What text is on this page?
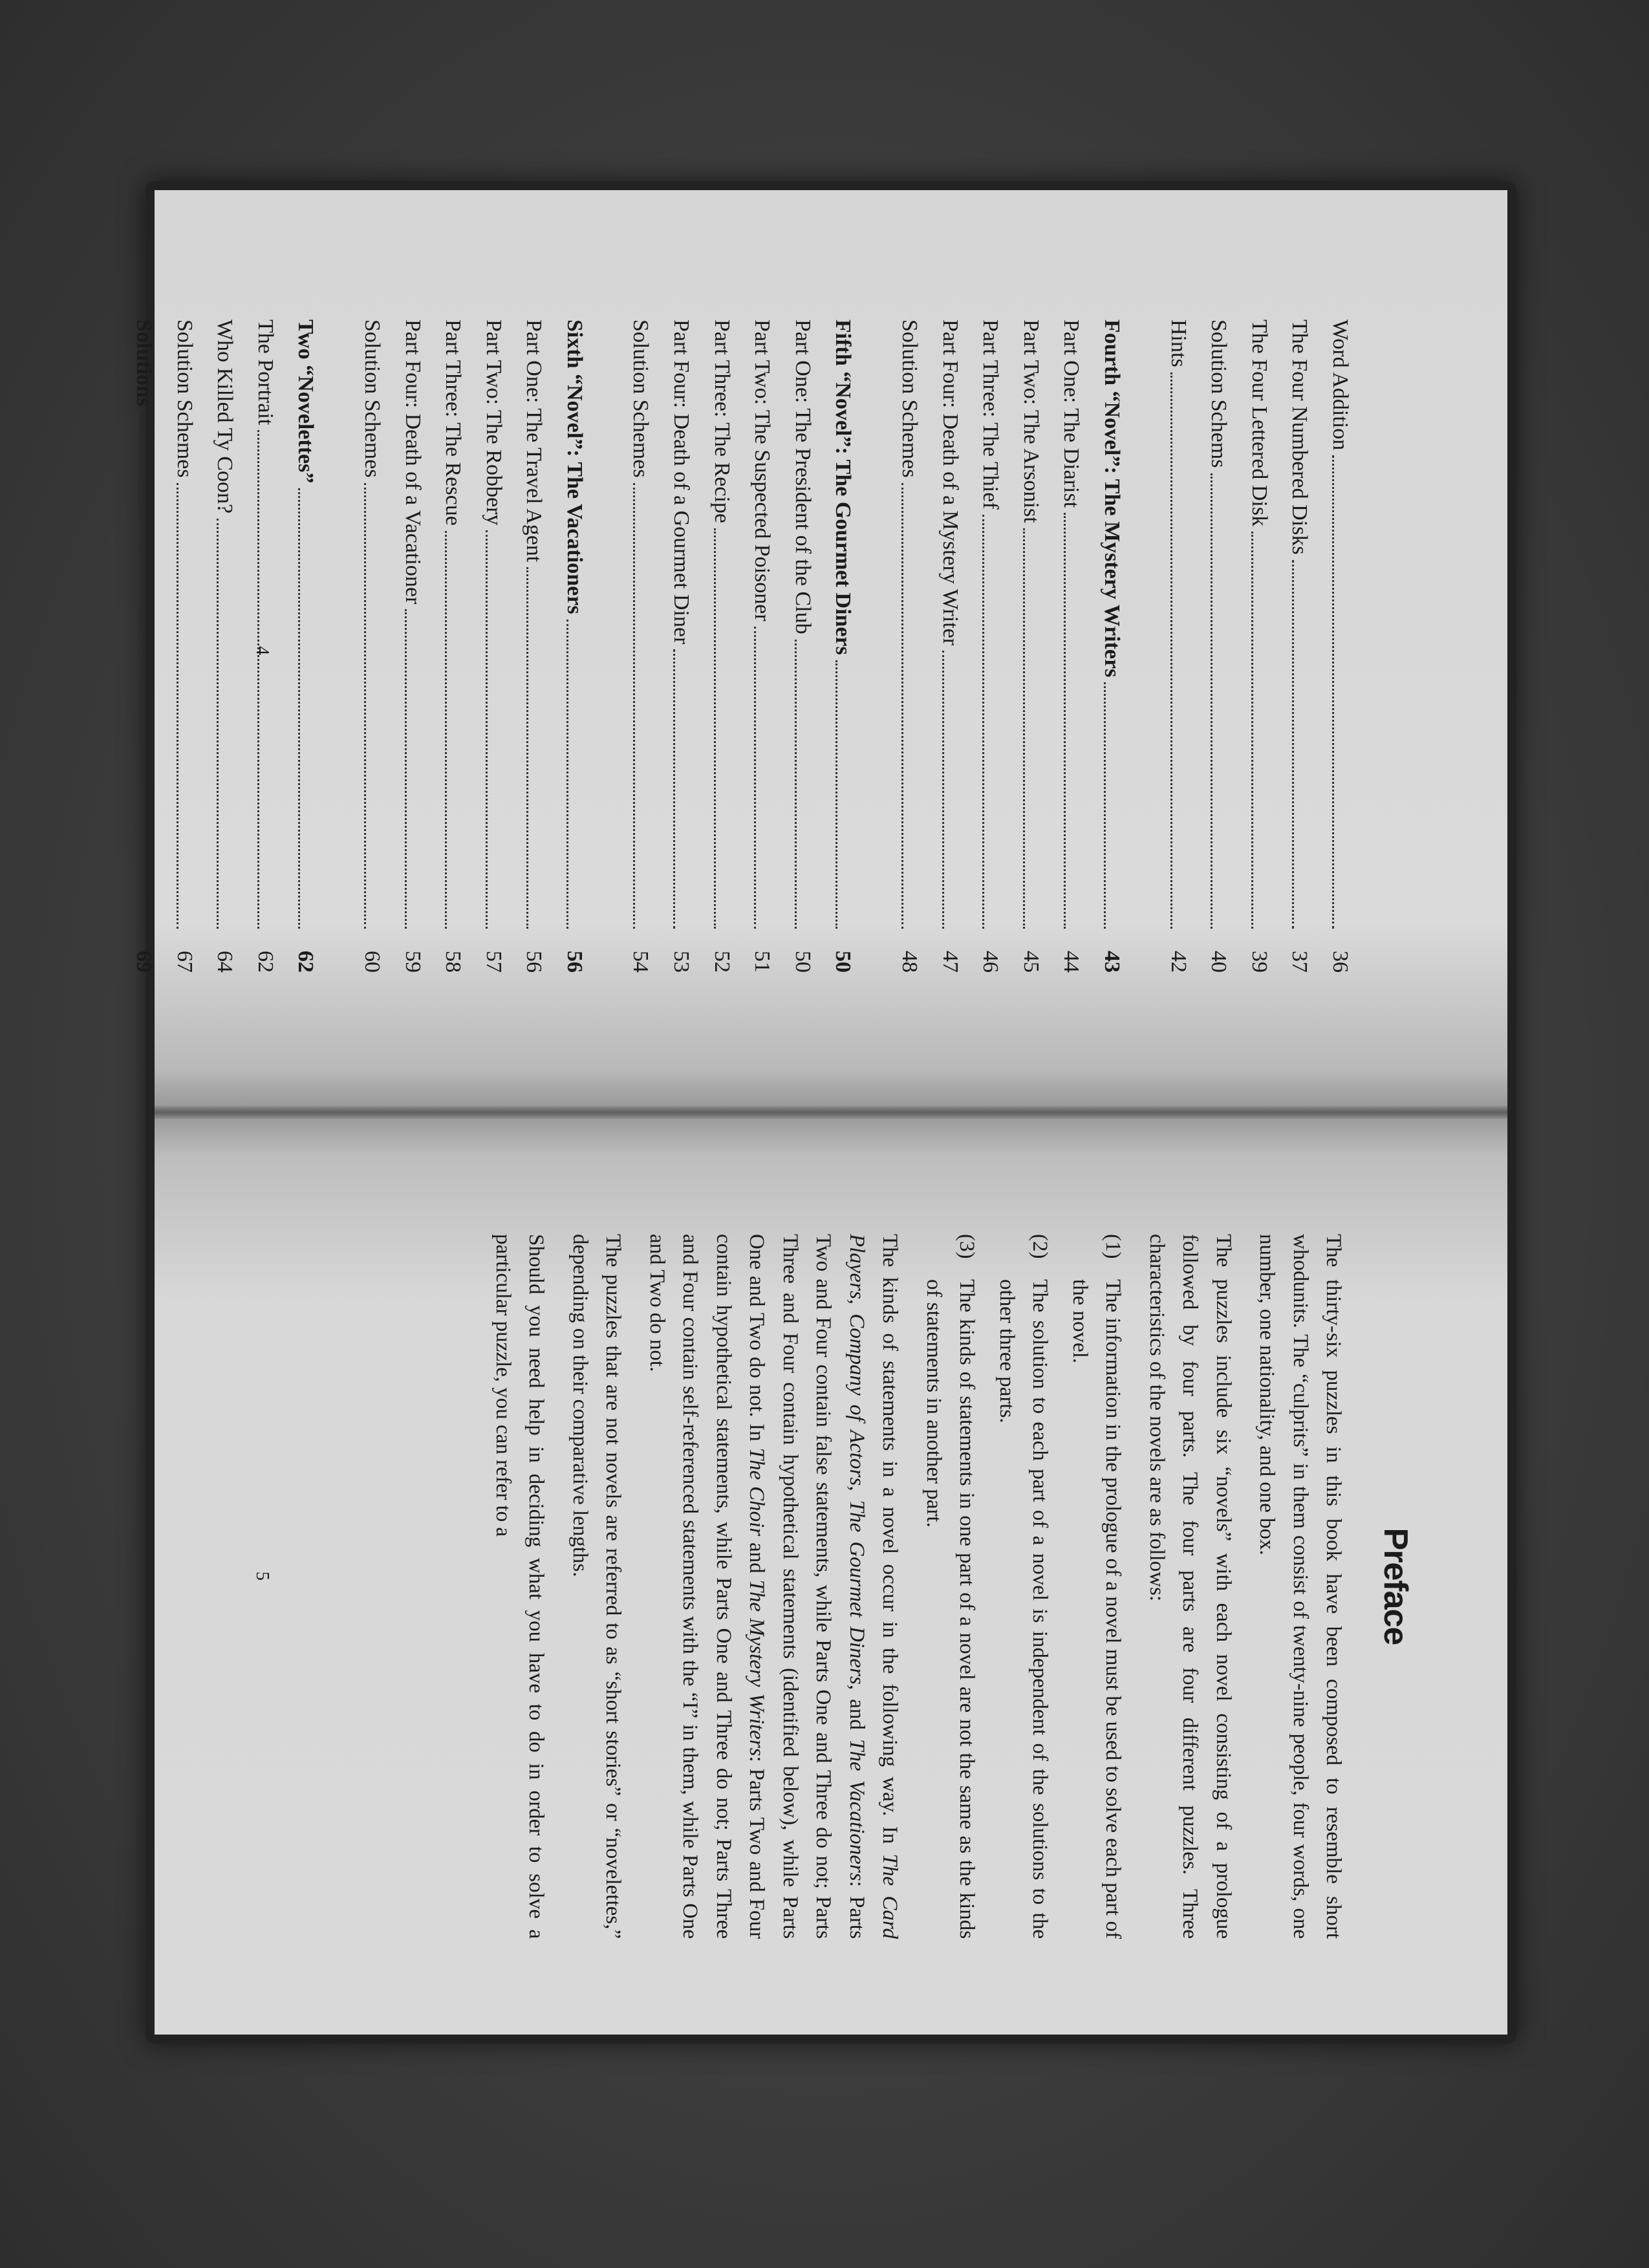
Word Addition
36
The Four Numbered Disks
37
The Four Lettered Disk
39
Solution Schems
40
Hints
42
Fourth “Novel”: The Mystery Writers
43
Part One: The Diarist
44
Part Two: The Arsonist
45
Part Three: The Thief
46
Part Four: Death of a Mystery Writer
47
Solution Schemes
48
Fifth “Novel”: The Gourmet Diners
50
Part One: The President of the Club
50
Part Two: The Suspected Poisoner
51
Part Three: The Recipe
52
Part Four: Death of a Gourmet Diner
53
Solution Schemes
54
Sixth “Novel”: The Vacationers
56
Part One: The Travel Agent
56
Part Two: The Robbery
57
Part Three: The Rescue
58
Part Four: Death of a Vacationer
59
Solution Schemes
60
Two “Novelettes”
62
The Portrait
62
Who Killed Ty Coon?
64
Solution Schemes
67
Solutions
69
4
Preface

The thirty-six puzzles in this book have been composed to resemble short whodunits. The “culprits” in them consist of twenty-nine people, four words, one number, one nationality, and one box.

The puzzles include six “novels” with each novel consisting of a prologue followed by four parts. The four parts are four different puzzles. Three characteristics of the novels are as follows:

(1)
The information in the prologue of a novel must be used to solve each part of the novel.
(2)
The solution to each part of a novel is independent of the solutions to the other three parts.
(3)
The kinds of statements in one part of a novel are not the same as the kinds of statements in another part.

The kinds of statements in a novel occur in the following way. In The Card Players, Company of Actors, The Gourmet Diners, and The Vacationers: Parts Two and Four contain false statements, while Parts One and Three do not; Parts Three and Four contain hypothetical statements (identified below), while Parts One and Two do not. In The Choir and The Mystery Writers: Parts Two and Four contain hypothetical statements, while Parts One and Three do not; Parts Three and Four contain self-referenced statements with the “I” in them, while Parts One and Two do not.

The puzzles that are not novels are referred to as “short stories” or “novelettes,” depending on their comparative lengths.

Should you need help in deciding what you have to do in order to solve a particular puzzle, you can refer to a

5
